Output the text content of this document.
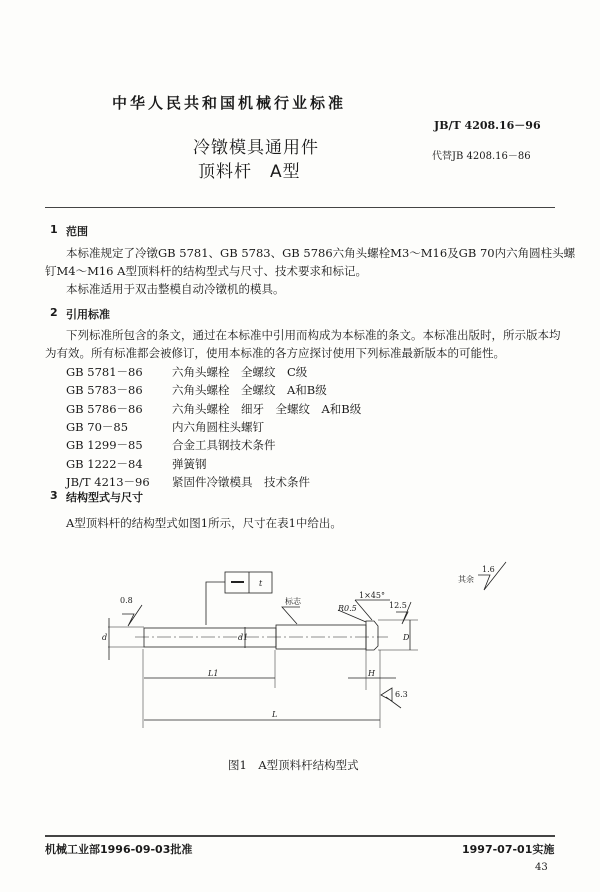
中华人民共和国机械行业标准
JB/T 4208.16－96
代替JB 4208.16－86
冷镦模具通用件
顶料杆　A型
1 范围
本标准规定了冷镦GB 5781、GB 5783、GB 5786六角头螺栓M3～M16及GB 70内六角圆柱头螺
钉M4～M16 A型顶料杆的结构型式与尺寸、技术要求和标记。
本标准适用于双击整模自动冷镦机的模具。
2 引用标准
下列标准所包含的条文，通过在本标准中引用而构成为本标准的条文。本标准出版时，所示版本均
为有效。所有标准都会被修订，使用本标准的各方应探讨使用下列标准最新版本的可能性。
GB 5781－86	六角头螺栓　全螺纹　C级
GB 5783－86	六角头螺栓　全螺纹　A和B级
GB 5786－86	六角头螺栓　细牙　全螺纹　A和B级
GB 70－85	内六角圆柱头螺钉
GB 1299－85	合金工具钢技术条件
GB 1222－84	弹簧钢
JB/T 4213－96 紧固件冷镦模具　技术条件
3 结构型式与尺寸
A型顶料杆的结构型式如图1所示，尺寸在表1中给出。
0.8
12.5
6.3
1.6
其余
t
标志
1×45°
R0.5
d	d1	D
L1
L
H
图1　A型顶料杆结构型式
机械工业部1996-09-03批准	1997-07-01实施
43
